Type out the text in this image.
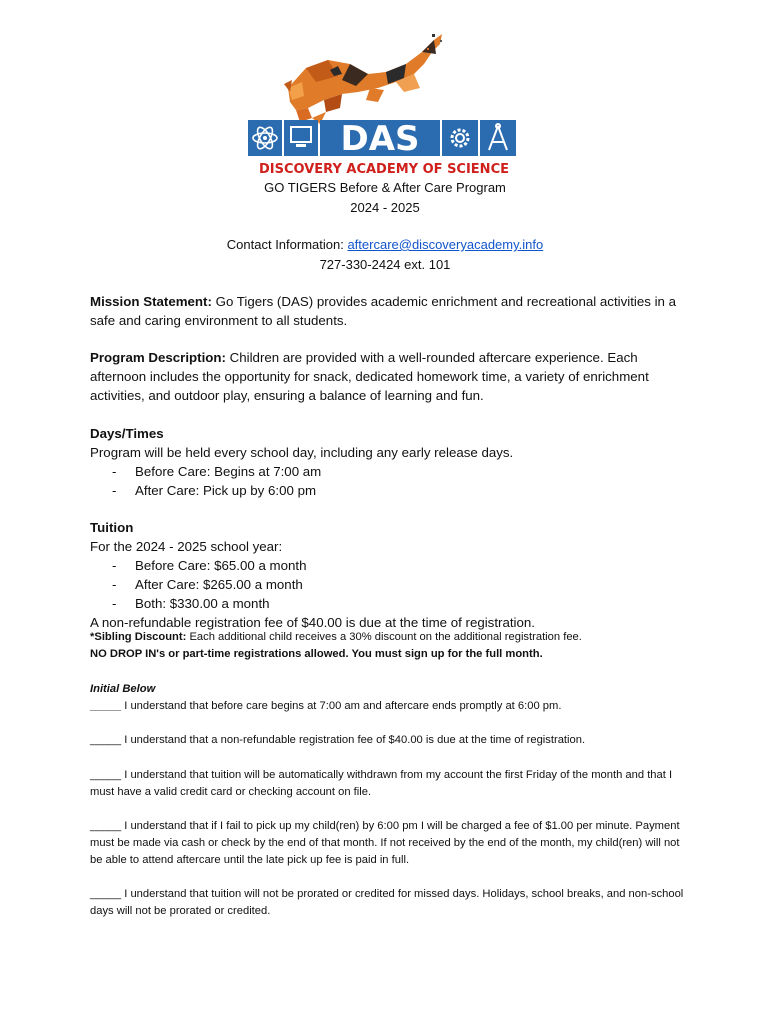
DAS
DISCOVERY ACADEMY OF SCIENCE
GO TIGERS Before & After Care Program
2024 - 2025
Contact Information: aftercare@discoveryacademy.info
727-330-2424 ext. 101
Mission Statement: Go Tigers (DAS) provides academic enrichment and recreational activities in a safe and caring environment to all students.
Program Description: Children are provided with a well-rounded aftercare experience. Each afternoon includes the opportunity for snack, dedicated homework time, a variety of enrichment activities, and outdoor play, ensuring a balance of learning and fun.
Days/Times
Program will be held every school day, including any early release days.
- Before Care: Begins at 7:00 am
- After Care: Pick up by 6:00 pm
Tuition
For the 2024 - 2025 school year:
- Before Care: $65.00 a month
- After Care: $265.00 a month
- Both: $330.00 a month
A non-refundable registration fee of $40.00 is due at the time of registration.
*Sibling Discount: Each additional child receives a 30% discount on the additional registration fee.
NO DROP IN's or part-time registrations allowed. You must sign up for the full month.
Initial Below
_____ I understand that before care begins at 7:00 am and aftercare ends promptly at 6:00 pm.
_____ I understand that a non-refundable registration fee of $40.00 is due at the time of registration.
_____ I understand that tuition will be automatically withdrawn from my account the first Friday of the month and that I must have a valid credit card or checking account on file.
_____ I understand that if I fail to pick up my child(ren) by 6:00 pm I will be charged a fee of $1.00 per minute. Payment must be made via cash or check by the end of that month. If not received by the end of the month, my child(ren) will not be able to attend aftercare until the late pick up fee is paid in full.
_____ I understand that tuition will not be prorated or credited for missed days. Holidays, school breaks, and non-school days will not be prorated or credited.
